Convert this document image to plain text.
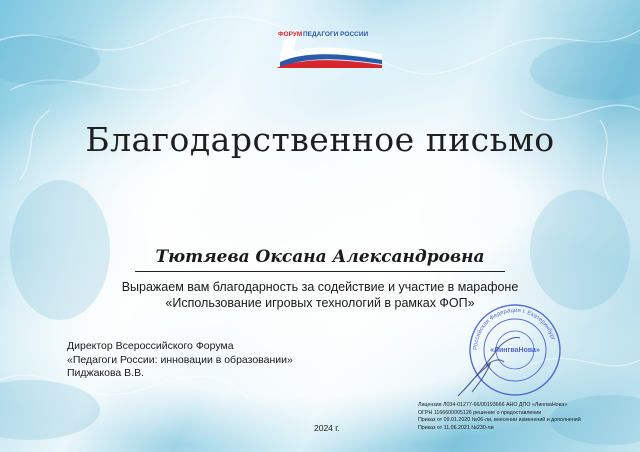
ФОРУМ ПЕДАГОГИ РОССИИ
Благодарственное письмо
Тютяева Оксана Александровна
Выражаем вам благодарность за содействие и участие в марафоне
«Использование игровых технологий в рамках ФОП»
Директор Всероссийского Форума
«Педагоги России: инновации в образовании»
Пиджакова В.В.
Российская Федерация г. Екатеринбург
«ЛингваНова»
Лицензия Л034-01277-66/00193666 АНО ДПО «ЛингваНова»
ОГРН 1166600005126 решение о предоставлении
Приказ от 09.01.2020 №06-ли, внесении изменений и дополнений
Приказ от 11.06.2021 №230-ли
2024 г.
